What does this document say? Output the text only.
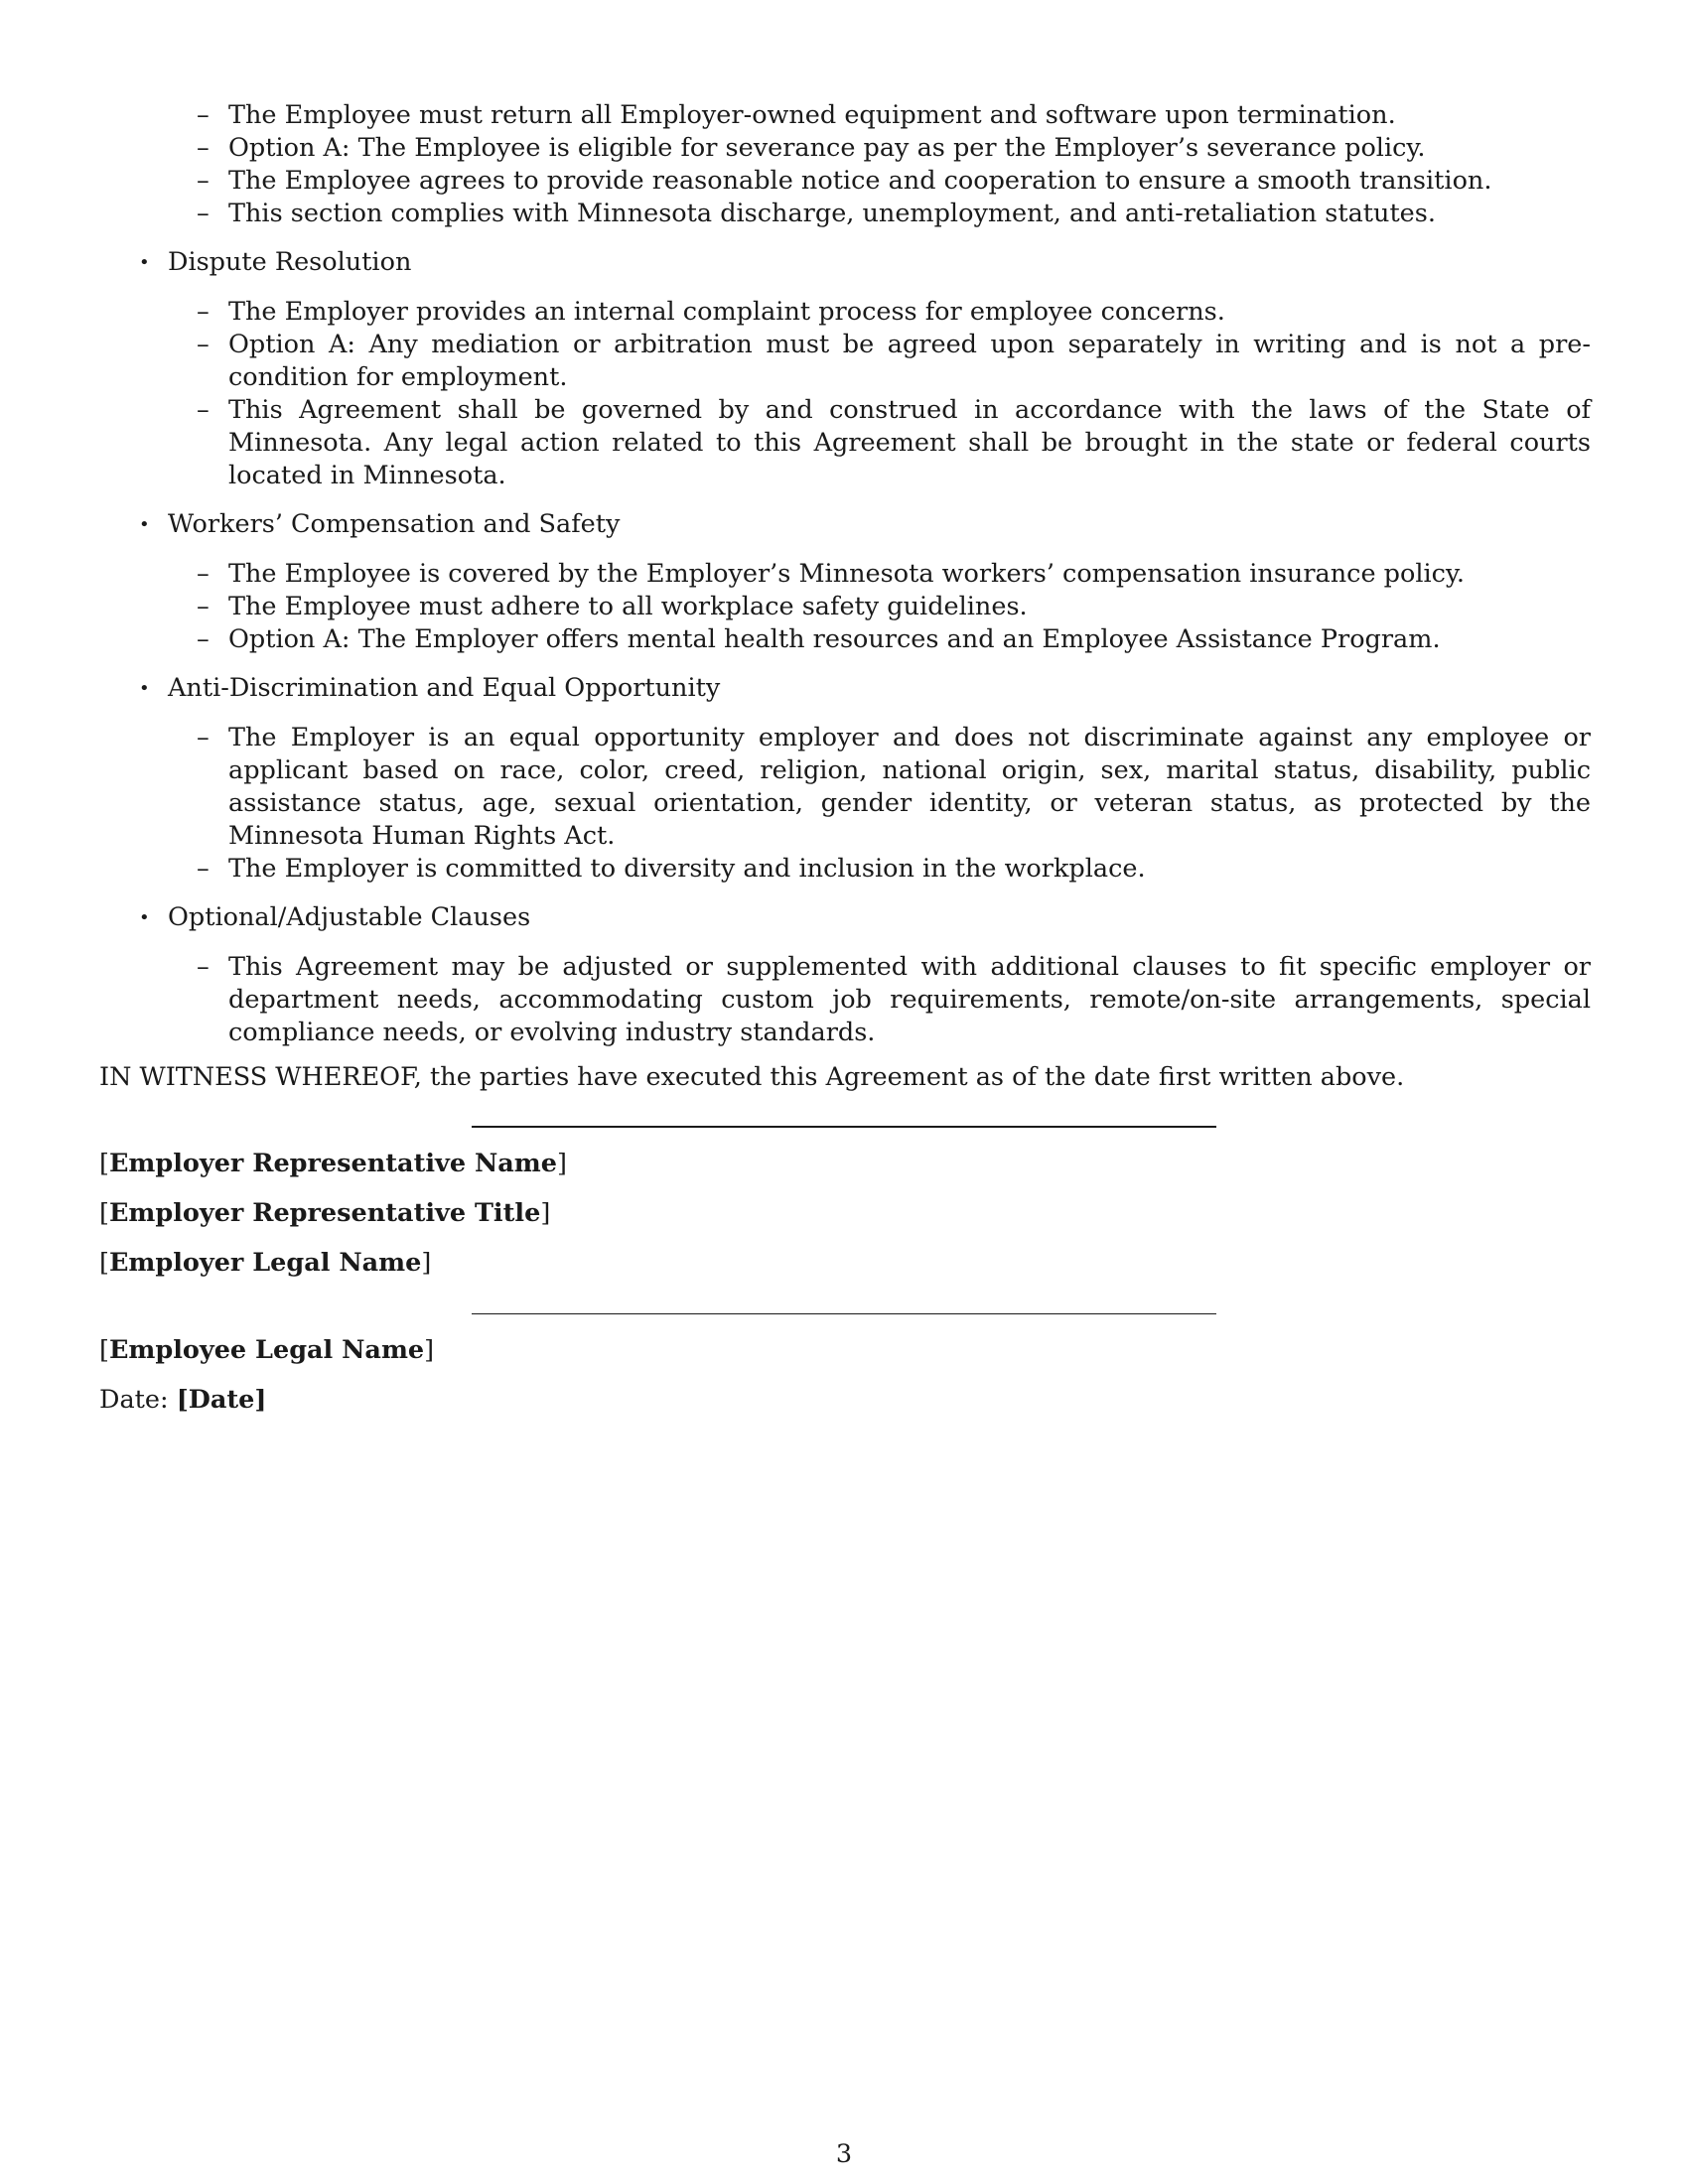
– The Employee must return all Employer-owned equipment and software upon termination.
– Option A: The Employee is eligible for severance pay as per the Employer’s severance policy.
– The Employee agrees to provide reasonable notice and cooperation to ensure a smooth transition.
– This section complies with Minnesota discharge, unemployment, and anti-retaliation statutes.
• Dispute Resolution
– The Employer provides an internal complaint process for employee concerns.
– Option A: Any mediation or arbitration must be agreed upon separately in writing and is not a pre-condition for employment.
– This Agreement shall be governed by and construed in accordance with the laws of the State of Minnesota. Any legal action related to this Agreement shall be brought in the state or federal courts located in Minnesota.
• Workers’ Compensation and Safety
– The Employee is covered by the Employer’s Minnesota workers’ compensation insurance policy.
– The Employee must adhere to all workplace safety guidelines.
– Option A: The Employer offers mental health resources and an Employee Assistance Program.
• Anti-Discrimination and Equal Opportunity
– The Employer is an equal opportunity employer and does not discriminate against any employee or applicant based on race, color, creed, religion, national origin, sex, marital status, disability, public assistance status, age, sexual orientation, gender identity, or veteran status, as protected by the Minnesota Human Rights Act.
– The Employer is committed to diversity and inclusion in the workplace.
• Optional/Adjustable Clauses
– This Agreement may be adjusted or supplemented with additional clauses to fit specific employer or department needs, accommodating custom job requirements, remote/on-site arrangements, special compliance needs, or evolving industry standards.
IN WITNESS WHEREOF, the parties have executed this Agreement as of the date first written above.
[Employer Representative Name]
[Employer Representative Title]
[Employer Legal Name]
[Employee Legal Name]
Date: [Date]
3
